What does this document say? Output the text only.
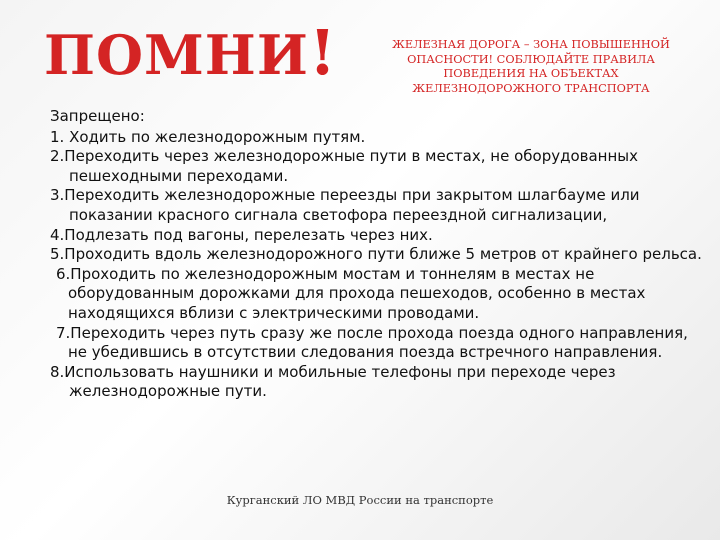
ПОМНИ!	ЖЕЛЕЗНАЯ ДОРОГА – ЗОНА ПОВЫШЕННОЙ ОПАСНОСТИ! СОБЛЮДАЙТЕ ПРАВИЛА ПОВЕДЕНИЯ НА ОБЪЕКТАХ ЖЕЛЕЗНОДОРОЖНОГО ТРАНСПОРТА

Запрещено:

1. Ходить по железнодорожным путям.
2.Переходить через железнодорожные пути в местах, не оборудованных пешеходными переходами.
3.Переходить железнодорожные переезды при закрытом шлагбауме или показании красного сигнала светофора переездной сигнализации,
4.Подлезать под вагоны, перелезать через них.
5.Проходить вдоль железнодорожного пути ближе 5 метров от крайнего рельса.
6.Проходить по железнодорожным мостам и тоннелям в местах не оборудованным дорожками для прохода пешеходов, особенно в местах находящихся вблизи с электрическими проводами.
7.Переходить через путь сразу же после прохода поезда одного направления, не убедившись в отсутствии следования поезда встречного направления.
8.Использовать наушники и мобильные телефоны при переходе через железнодорожные пути.
Курганский ЛО МВД России на транспорте
